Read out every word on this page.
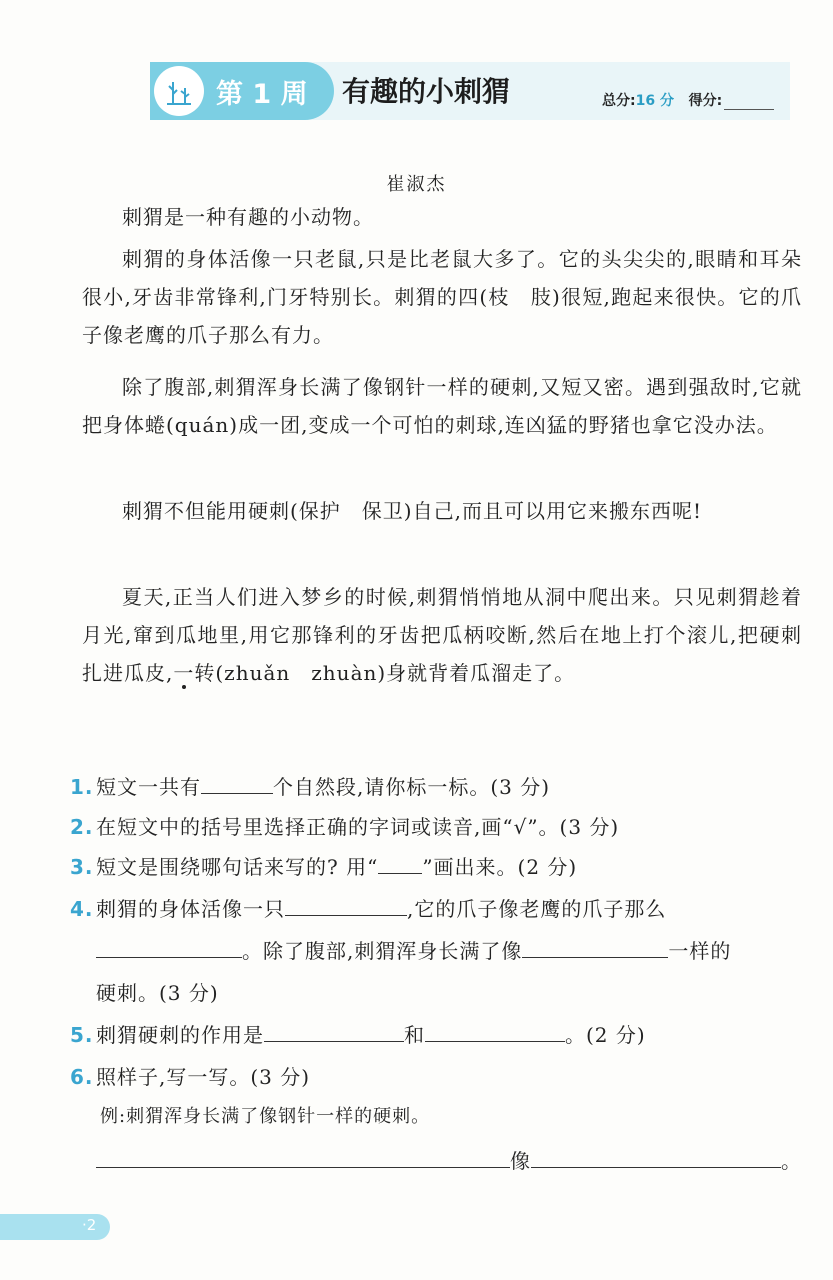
第 1 周 有趣的小刺猬	总分:16 分 得分:
崔淑杰

刺猬是一种有趣的小动物。

刺猬的身体活像一只老鼠,只是比老鼠大多了。它的头尖尖的,眼睛和耳朵很小,牙齿非常锋利,门牙特别长。刺猬的四(枝　肢)很短,跑起来很快。它的爪子像老鹰的爪子那么有力。

除了腹部,刺猬浑身长满了像钢针一样的硬刺,又短又密。遇到强敌时,它就把身体蜷(quán)成一团,变成一个可怕的刺球,连凶猛的野猪也拿它没办法。

刺猬不但能用硬刺(保护　保卫)自己,而且可以用它来搬东西呢!

夏天,正当人们进入梦乡的时候,刺猬悄悄地从洞中爬出来。只见刺猬趁着月光,窜到瓜地里,用它那锋利的牙齿把瓜柄咬断,然后在地上打个滚儿,把硬刺扎进瓜皮,一转(zhuǎn　zhuàn)身就背着瓜溜走了。

1. 短文一共有	个自然段,请你标一标。(3 分)
2. 在短文中的括号里选择正确的字词或读音,画“√”。(3 分)
3. 短文是围绕哪句话来写的? 用“ ”画出来。(2 分)
4. 刺猬的身体活像一只	,它的爪子像老鹰的爪子那么
。除了腹部,刺猬浑身长满了像	一样的
硬刺。(3 分)
5. 刺猬硬刺的作用是	和	。(2 分)
6. 照样子,写一写。(3 分)
例:刺猬浑身长满了像钢针一样的硬刺。
像	。
·2
